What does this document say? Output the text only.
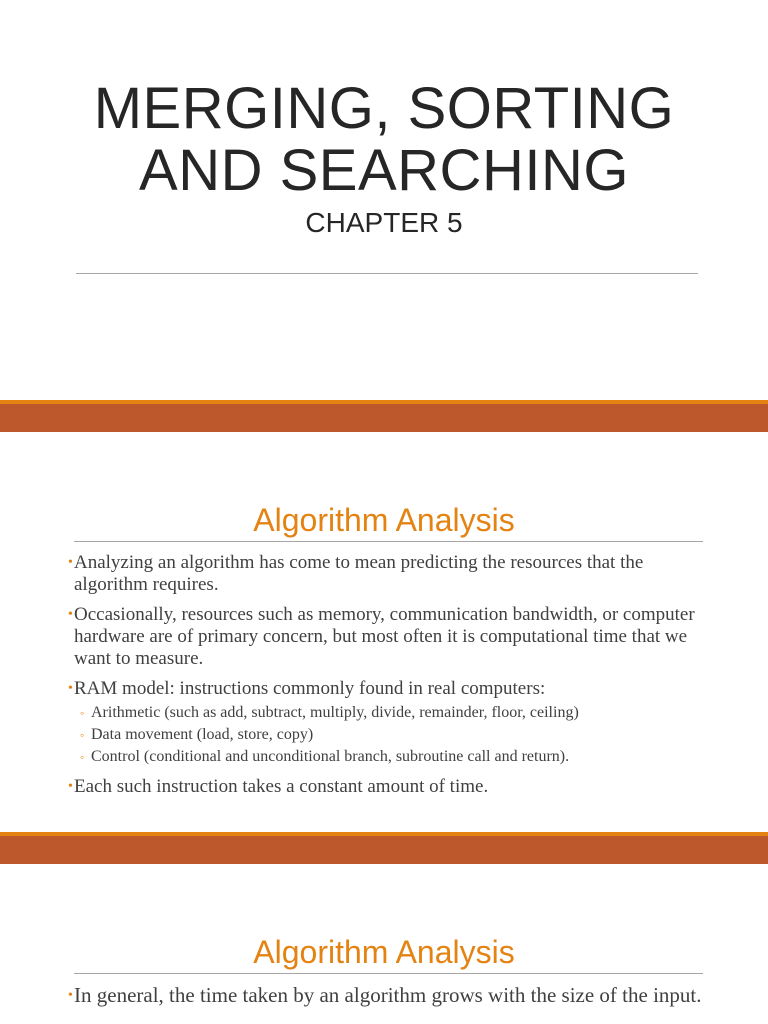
MERGING, SORTING
AND SEARCHING
CHAPTER 5
Algorithm Analysis
• Analyzing an algorithm has come to mean predicting the resources that the algorithm requires.
• Occasionally, resources such as memory, communication bandwidth, or computer hardware are of primary concern, but most often it is computational time that we want to measure.
• RAM model: instructions commonly found in real computers:
◦ Arithmetic (such as add, subtract, multiply, divide, remainder, floor, ceiling)
◦ Data movement (load, store, copy)
◦ Control (conditional and unconditional branch, subroutine call and return).
• Each such instruction takes a constant amount of time.
Algorithm Analysis
• In general, the time taken by an algorithm grows with the size of the input.
